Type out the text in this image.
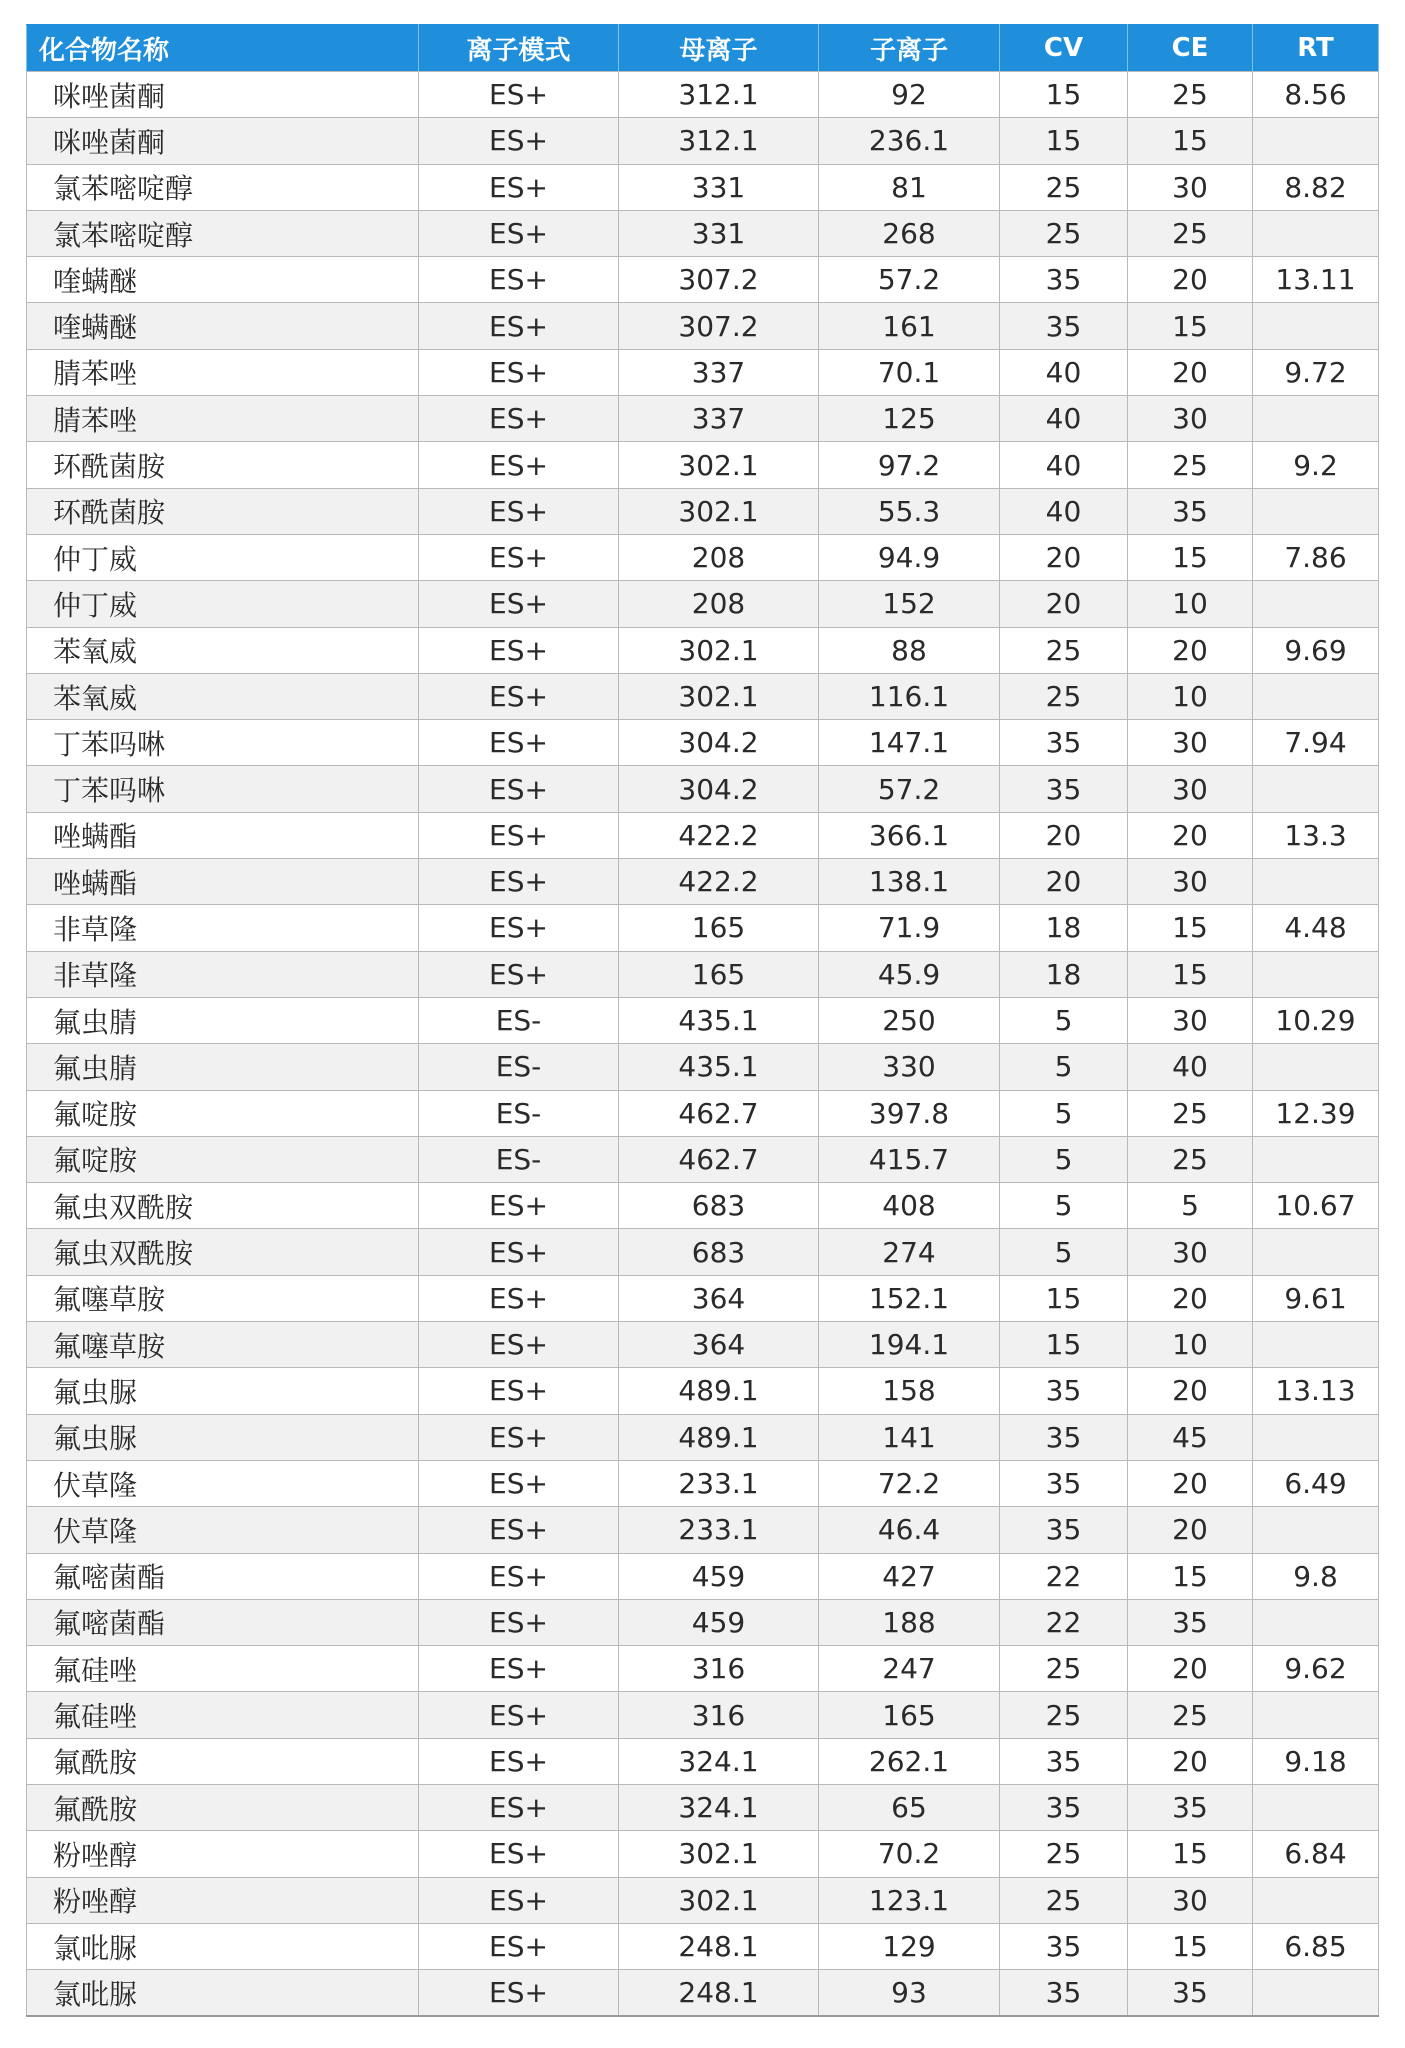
化合物名称	离子模式	母离子	子离子	CV	CE	RT
咪唑菌酮	ES+	312.1	92	15	25	8.56
咪唑菌酮	ES+	312.1	236.1	15	15	
氯苯嘧啶醇	ES+	331	81	25	30	8.82
氯苯嘧啶醇	ES+	331	268	25	25	
喹螨醚	ES+	307.2	57.2	35	20	13.11
喹螨醚	ES+	307.2	161	35	15	
腈苯唑	ES+	337	70.1	40	20	9.72
腈苯唑	ES+	337	125	40	30	
环酰菌胺	ES+	302.1	97.2	40	25	9.2
环酰菌胺	ES+	302.1	55.3	40	35	
仲丁威	ES+	208	94.9	20	15	7.86
仲丁威	ES+	208	152	20	10	
苯氧威	ES+	302.1	88	25	20	9.69
苯氧威	ES+	302.1	116.1	25	10	
丁苯吗啉	ES+	304.2	147.1	35	30	7.94
丁苯吗啉	ES+	304.2	57.2	35	30	
唑螨酯	ES+	422.2	366.1	20	20	13.3
唑螨酯	ES+	422.2	138.1	20	30	
非草隆	ES+	165	71.9	18	15	4.48
非草隆	ES+	165	45.9	18	15	
氟虫腈	ES-	435.1	250	5	30	10.29
氟虫腈	ES-	435.1	330	5	40	
氟啶胺	ES-	462.7	397.8	5	25	12.39
氟啶胺	ES-	462.7	415.7	5	25	
氟虫双酰胺	ES+	683	408	5	5	10.67
氟虫双酰胺	ES+	683	274	5	30	
氟噻草胺	ES+	364	152.1	15	20	9.61
氟噻草胺	ES+	364	194.1	15	10	
氟虫脲	ES+	489.1	158	35	20	13.13
氟虫脲	ES+	489.1	141	35	45	
伏草隆	ES+	233.1	72.2	35	20	6.49
伏草隆	ES+	233.1	46.4	35	20	
氟嘧菌酯	ES+	459	427	22	15	9.8
氟嘧菌酯	ES+	459	188	22	35	
氟硅唑	ES+	316	247	25	20	9.62
氟硅唑	ES+	316	165	25	25	
氟酰胺	ES+	324.1	262.1	35	20	9.18
氟酰胺	ES+	324.1	65	35	35	
粉唑醇	ES+	302.1	70.2	25	15	6.84
粉唑醇	ES+	302.1	123.1	25	30	
氯吡脲	ES+	248.1	129	35	15	6.85
氯吡脲	ES+	248.1	93	35	35	
